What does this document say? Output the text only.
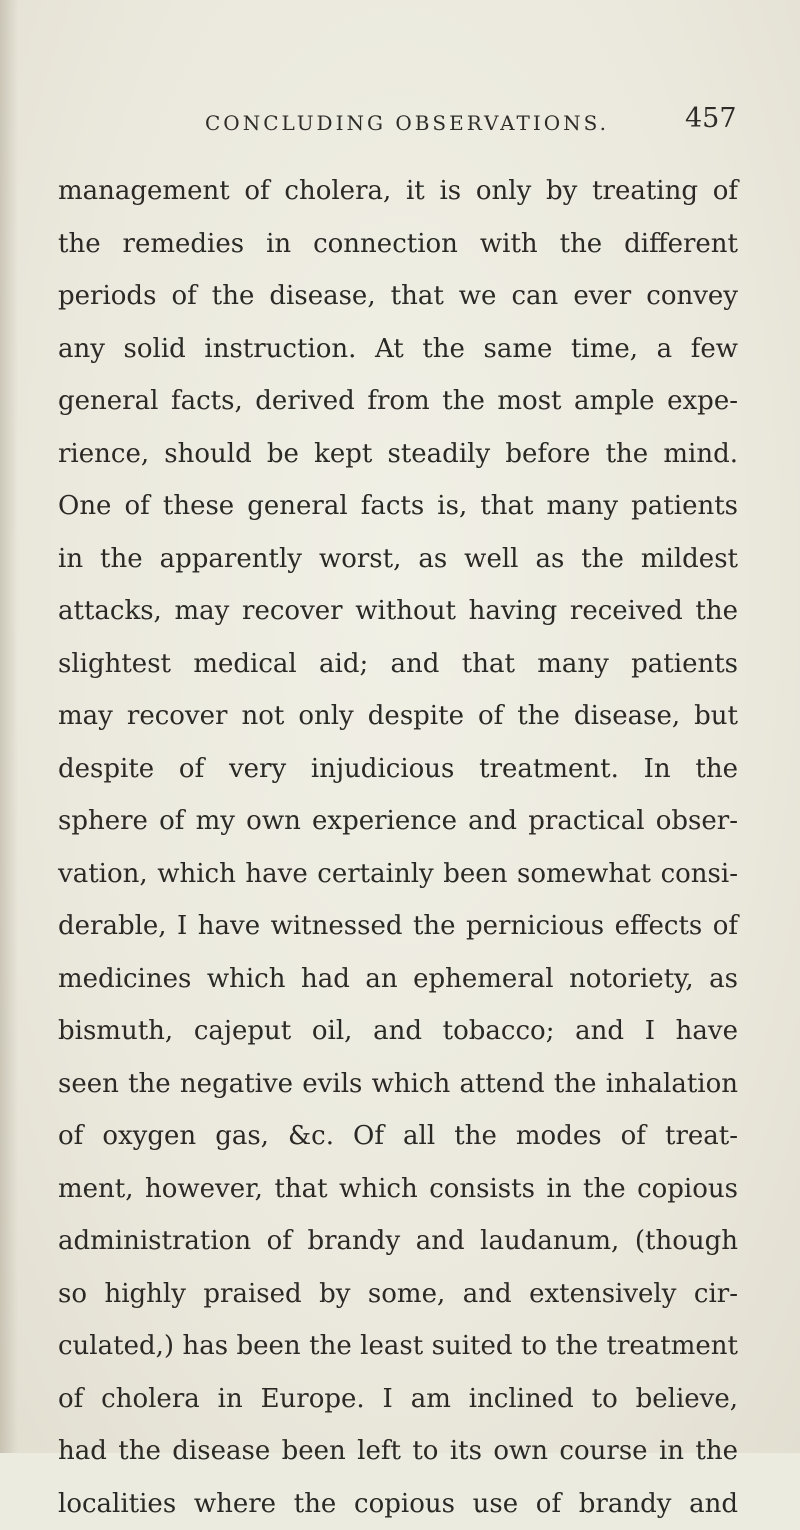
CONCLUDING OBSERVATIONS.	457
management of cholera, it is only by treating of
the remedies in connection with the different
periods of the disease, that we can ever convey
any solid instruction. At the same time, a few
general facts, derived from the most ample expe-
rience, should be kept steadily before the mind.
One of these general facts is, that many patients
in the apparently worst, as well as the mildest
attacks, may recover without having received the
slightest medical aid; and that many patients
may recover not only despite of the disease, but
despite of very injudicious treatment. In the
sphere of my own experience and practical obser-
vation, which have certainly been somewhat consi-
derable, I have witnessed the pernicious effects of
medicines which had an ephemeral notoriety, as
bismuth, cajeput oil, and tobacco; and I have
seen the negative evils which attend the inhalation
of oxygen gas, &c. Of all the modes of treat-
ment, however, that which consists in the copious
administration of brandy and laudanum, (though
so highly praised by some, and extensively cir-
culated,) has been the least suited to the treatment
of cholera in Europe. I am inclined to believe,
had the disease been left to its own course in the
localities where the copious use of brandy and
